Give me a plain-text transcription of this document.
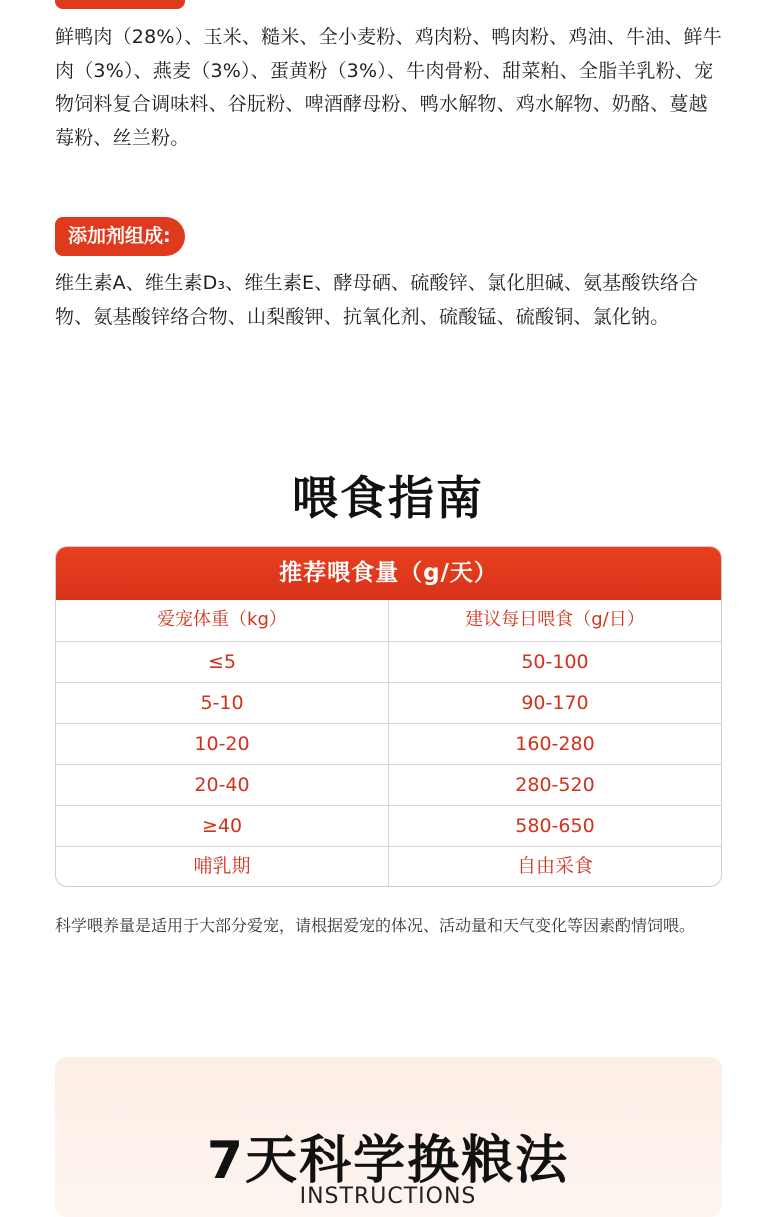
鲜鸭肉（28%）、玉米、糙米、全小麦粉、鸡肉粉、鸭肉粉、鸡油、牛油、鲜牛肉（3%）、燕麦（3%）、蛋黄粉（3%）、牛肉骨粉、甜菜粕、全脂羊乳粉、宠物饲料复合调味料、谷朊粉、啤酒酵母粉、鸭水解物、鸡水解物、奶酪、蔓越莓粉、丝兰粉。

添加剂组成:

维生素A、维生素D₃、维生素E、酵母硒、硫酸锌、氯化胆碱、氨基酸铁络合物、氨基酸锌络合物、山梨酸钾、抗氧化剂、硫酸锰、硫酸铜、氯化钠。

喂食指南
推荐喂食量（g/天）
爱宠体重（kg）	建议每日喂食（g/日）
≤5	50-100
5-10	90-170
10-20	160-280
20-40	280-520
≥40	580-650
哺乳期	自由采食

科学喂养量是适用于大部分爱宠，请根据爱宠的体况、活动量和天气变化等因素酌情饲喂。

7天科学换粮法

INSTRUCTIONS
